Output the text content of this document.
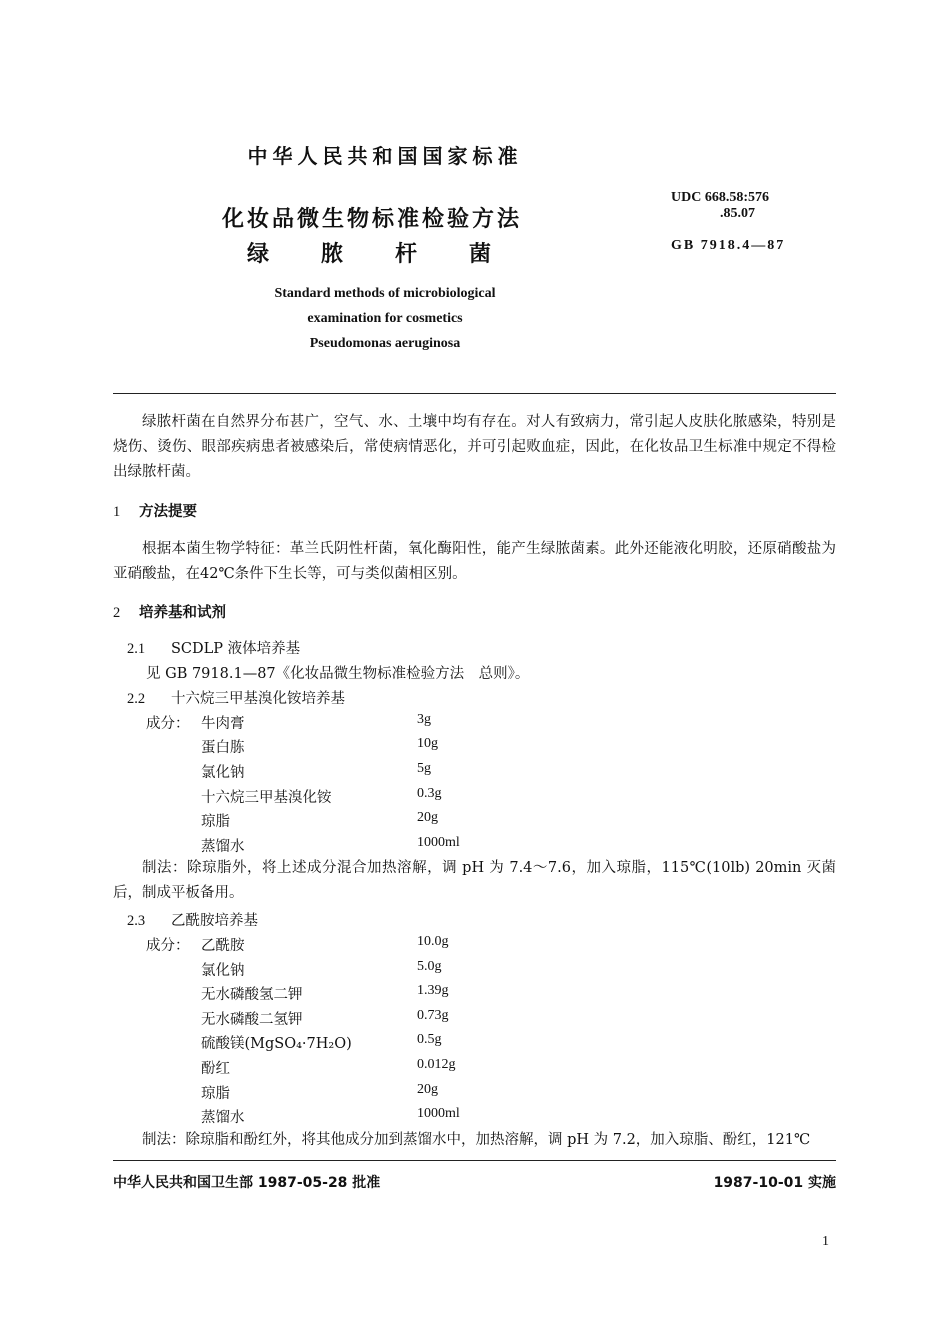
中华人民共和国国家标准
化妆品微生物标准检验方法
绿脓杆菌
UDC 668.58:576
.85.07
GB 7918.4—87
Standard methods of microbiological
examination for cosmetics
Pseudomonas aeruginosa
绿脓杆菌在自然界分布甚广，空气、水、土壤中均有存在。对人有致病力，常引起人皮肤化脓感染，特别是烧伤、烫伤、眼部疾病患者被感染后，常使病情恶化，并可引起败血症，因此，在化妆品卫生标准中规定不得检出绿脓杆菌。
1 方法提要
根据本菌生物学特征：革兰氏阴性杆菌，氧化酶阳性，能产生绿脓菌素。此外还能液化明胶，还原硝酸盐为亚硝酸盐，在42℃条件下生长等，可与类似菌相区别。
2 培养基和试剂
2.1 SCDLP 液体培养基
见 GB 7918.1—87《化妆品微生物标准检验方法　总则》。
2.2 十六烷三甲基溴化铵培养基
成分： 牛肉膏	3g
蛋白胨	10g
氯化钠	5g
十六烷三甲基溴化铵	0.3g
琼脂	20g
蒸馏水	1000ml
制法：除琼脂外，将上述成分混合加热溶解，调 pH 为 7.4～7.6，加入琼脂，115℃(10lb) 20min 灭菌后，制成平板备用。
2.3 乙酰胺培养基
成分： 乙酰胺	10.0g
氯化钠	5.0g
无水磷酸氢二钾	1.39g
无水磷酸二氢钾	0.73g
硫酸镁(MgSO₄·7H₂O)	0.5g
酚红	0.012g
琼脂	20g
蒸馏水	1000ml
制法：除琼脂和酚红外，将其他成分加到蒸馏水中，加热溶解，调 pH 为 7.2，加入琼脂、酚红，121℃
中华人民共和国卫生部 1987-05-28 批准	1987-10-01 实施
1
